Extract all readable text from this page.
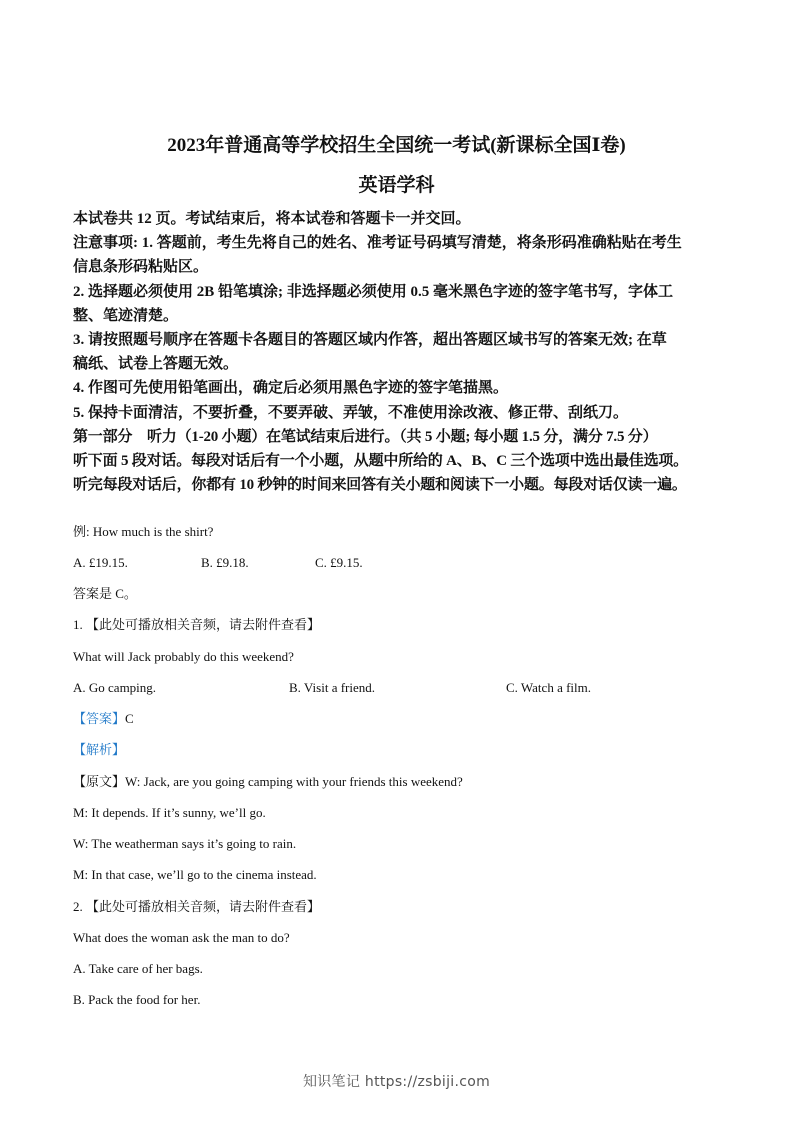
2023年普通高等学校招生全国统一考试(新课标全国Ⅰ卷)
英语学科
本试卷共 12 页。考试结束后，将本试卷和答题卡一并交回。
注意事项: 1. 答题前，考生先将自己的姓名、准考证号码填写清楚，将条形码准确粘贴在考生
信息条形码粘贴区。
2. 选择题必须使用 2B 铅笔填涂; 非选择题必须使用 0.5 毫米黑色字迹的签字笔书写，字体工
整、笔迹清楚。
3. 请按照题号顺序在答题卡各题目的答题区域内作答，超出答题区域书写的答案无效; 在草
稿纸、试卷上答题无效。
4. 作图可先使用铅笔画出，确定后必须用黑色字迹的签字笔描黑。
5. 保持卡面清洁，不要折叠，不要弄破、弄皱，不准使用涂改液、修正带、刮纸刀。
第一部分　听力（1-20 小题）在笔试结束后进行。（共 5 小题; 每小题 1.5 分，满分 7.5 分）
听下面 5 段对话。每段对话后有一个小题，从题中所给的 A、B、C 三个选项中选出最佳选项。
听完每段对话后，你都有 10 秒钟的时间来回答有关小题和阅读下一小题。每段对话仅读一遍。
例: How much is the shirt?
A. £19.15.	B. £9.18.	C. £9.15.
答案是 C。
1. 【此处可播放相关音频，请去附件查看】
What will Jack probably do this weekend?
A. Go camping.	B. Visit a friend.	C. Watch a film.
【答案】C
【解析】
【原文】W: Jack, are you going camping with your friends this weekend?
M: It depends. If it’s sunny, we’ll go.
W: The weatherman says it’s going to rain.
M: In that case, we’ll go to the cinema instead.
2. 【此处可播放相关音频，请去附件查看】
What does the woman ask the man to do?
A. Take care of her bags.
B. Pack the food for her.
知识笔记 https://zsbiji.com
